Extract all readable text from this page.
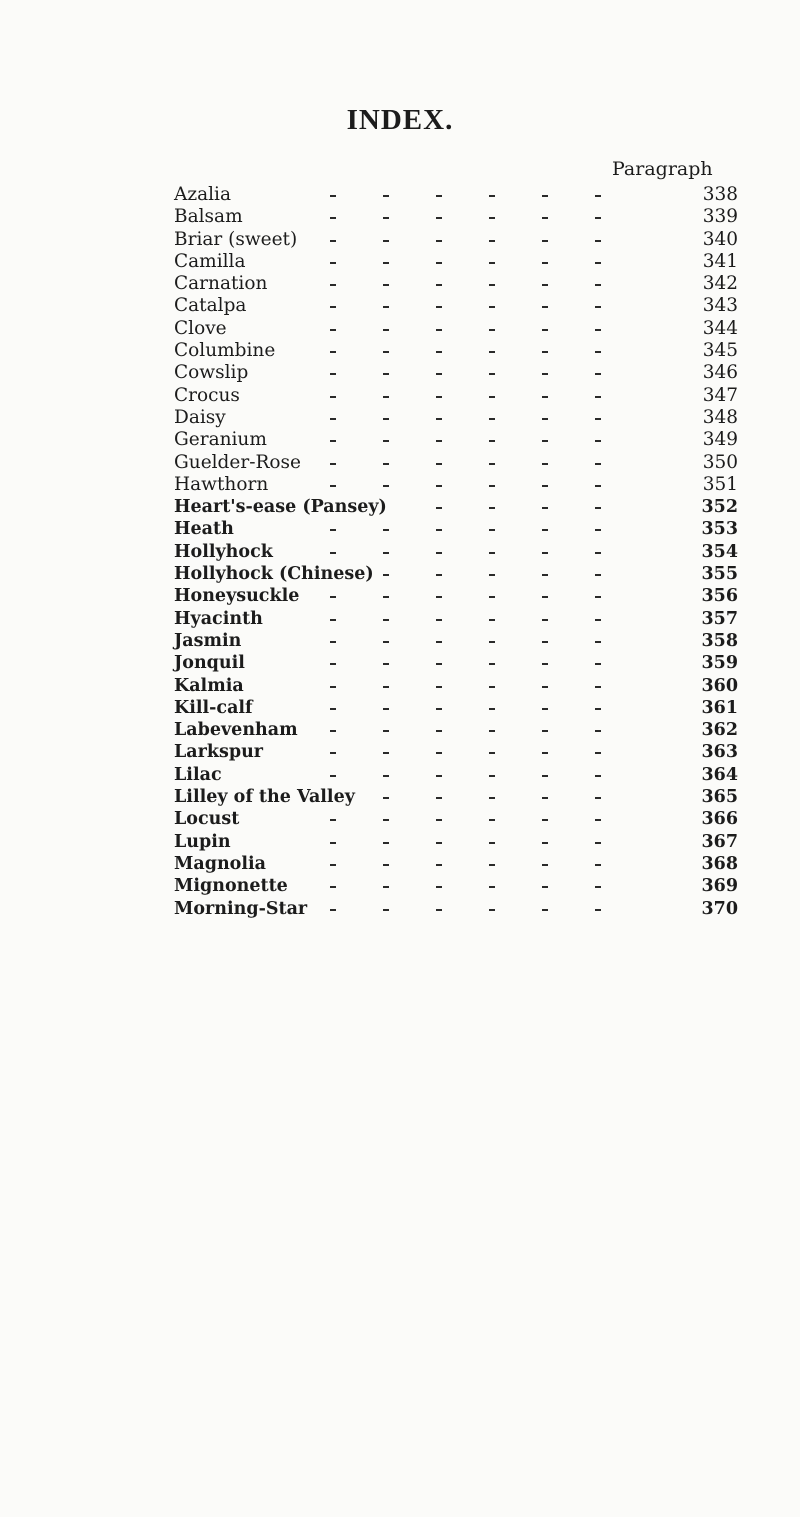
INDEX.
Paragraph
Azalia	338
Balsam	339
Briar (sweet)	340
Camilla	341
Carnation	342
Catalpa	343
Clove	344
Columbine	345
Cowslip	346
Crocus	347
Daisy	348
Geranium	349
Guelder-Rose	350
Hawthorn	351
Heart's-ease (Pansey)	352
Heath	353
Hollyhock	354
Hollyhock (Chinese)	355
Honeysuckle	356
Hyacinth	357
Jasmin	358
Jonquil	359
Kalmia	360
Kill-calf	361
Labevenham	362
Larkspur	363
Lilac	364
Lilley of the Valley	365
Locust	366
Lupin	367
Magnolia	368
Mignonette	369
Morning-Star	370
